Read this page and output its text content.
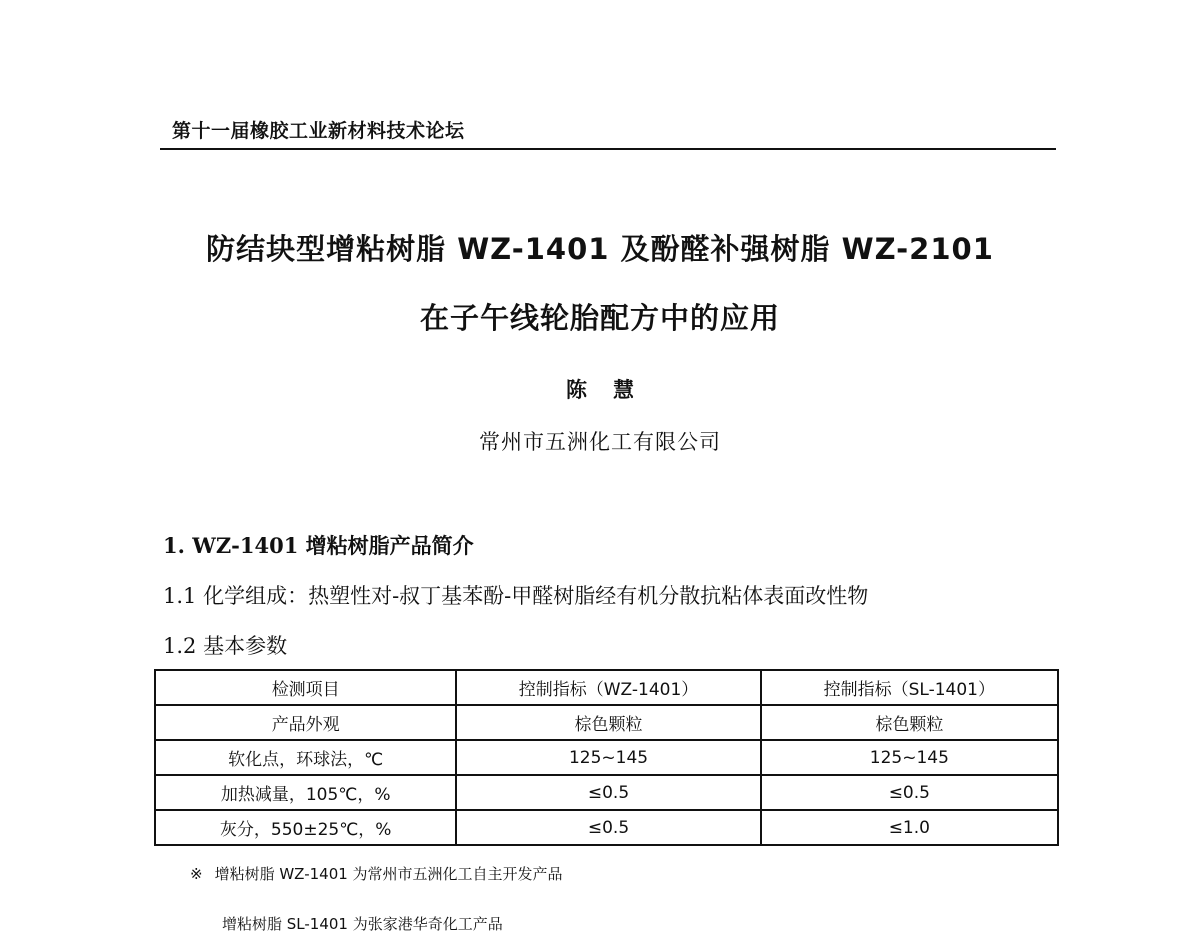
第十一届橡胶工业新材料技术论坛
防结块型增粘树脂 WZ-1401 及酚醛补强树脂 WZ-2101
在子午线轮胎配方中的应用
陈慧
常州市五洲化工有限公司
1. WZ-1401 增粘树脂产品简介
1.1 化学组成：热塑性对-叔丁基苯酚-甲醛树脂经有机分散抗粘体表面改性物
1.2 基本参数
检测项目	控制指标（WZ-1401）	控制指标（SL-1401）
产品外观	棕色颗粒	棕色颗粒
软化点，环球法，℃	125~145	125~145
加热减量，105℃，%	≤0.5	≤0.5
灰分，550±25℃，%	≤0.5	≤1.0
※ 增粘树脂 WZ-1401 为常州市五洲化工自主开发产品
增粘树脂 SL-1401 为张家港华奇化工产品
